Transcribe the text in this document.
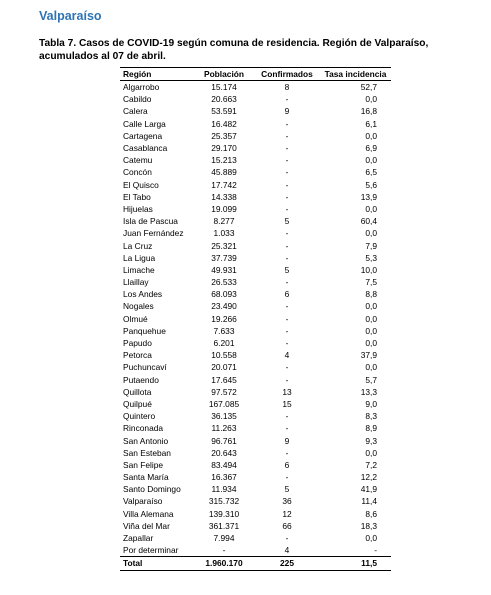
Valparaíso
Tabla 7. Casos de COVID-19 según comuna de residencia. Región de Valparaíso, acumulados al 07 de abril.
Región	Población	Confirmados	Tasa incidencia
Algarrobo	15.174	8	52,7
Cabildo	20.663	-	0,0
Calera	53.591	9	16,8
Calle Larga	16.482	-	6,1
Cartagena	25.357	-	0,0
Casablanca	29.170	-	6,9
Catemu	15.213	-	0,0
Concón	45.889	-	6,5
El Quisco	17.742	-	5,6
El Tabo	14.338	-	13,9
Hijuelas	19.099	-	0,0
Isla de Pascua	8.277	5	60,4
Juan Fernández	1.033	-	0,0
La Cruz	25.321	-	7,9
La Ligua	37.739	-	5,3
Limache	49.931	5	10,0
Llaillay	26.533	-	7,5
Los Andes	68.093	6	8,8
Nogales	23.490	-	0,0
Olmué	19.266	-	0,0
Panquehue	7.633	-	0,0
Papudo	6.201	-	0,0
Petorca	10.558	4	37,9
Puchuncaví	20.071	-	0,0
Putaendo	17.645	-	5,7
Quillota	97.572	13	13,3
Quilpué	167.085	15	9,0
Quintero	36.135	-	8,3
Rinconada	11.263	-	8,9
San Antonio	96.761	9	9,3
San Esteban	20.643	-	0,0
San Felipe	83.494	6	7,2
Santa María	16.367	-	12,2
Santo Domingo	11.934	5	41,9
Valparaíso	315.732	36	11,4
Villa Alemana	139.310	12	8,6
Viña del Mar	361.371	66	18,3
Zapallar	7.994	-	0,0
Por determinar	-	4	-
Total	1.960.170	225	11,5
